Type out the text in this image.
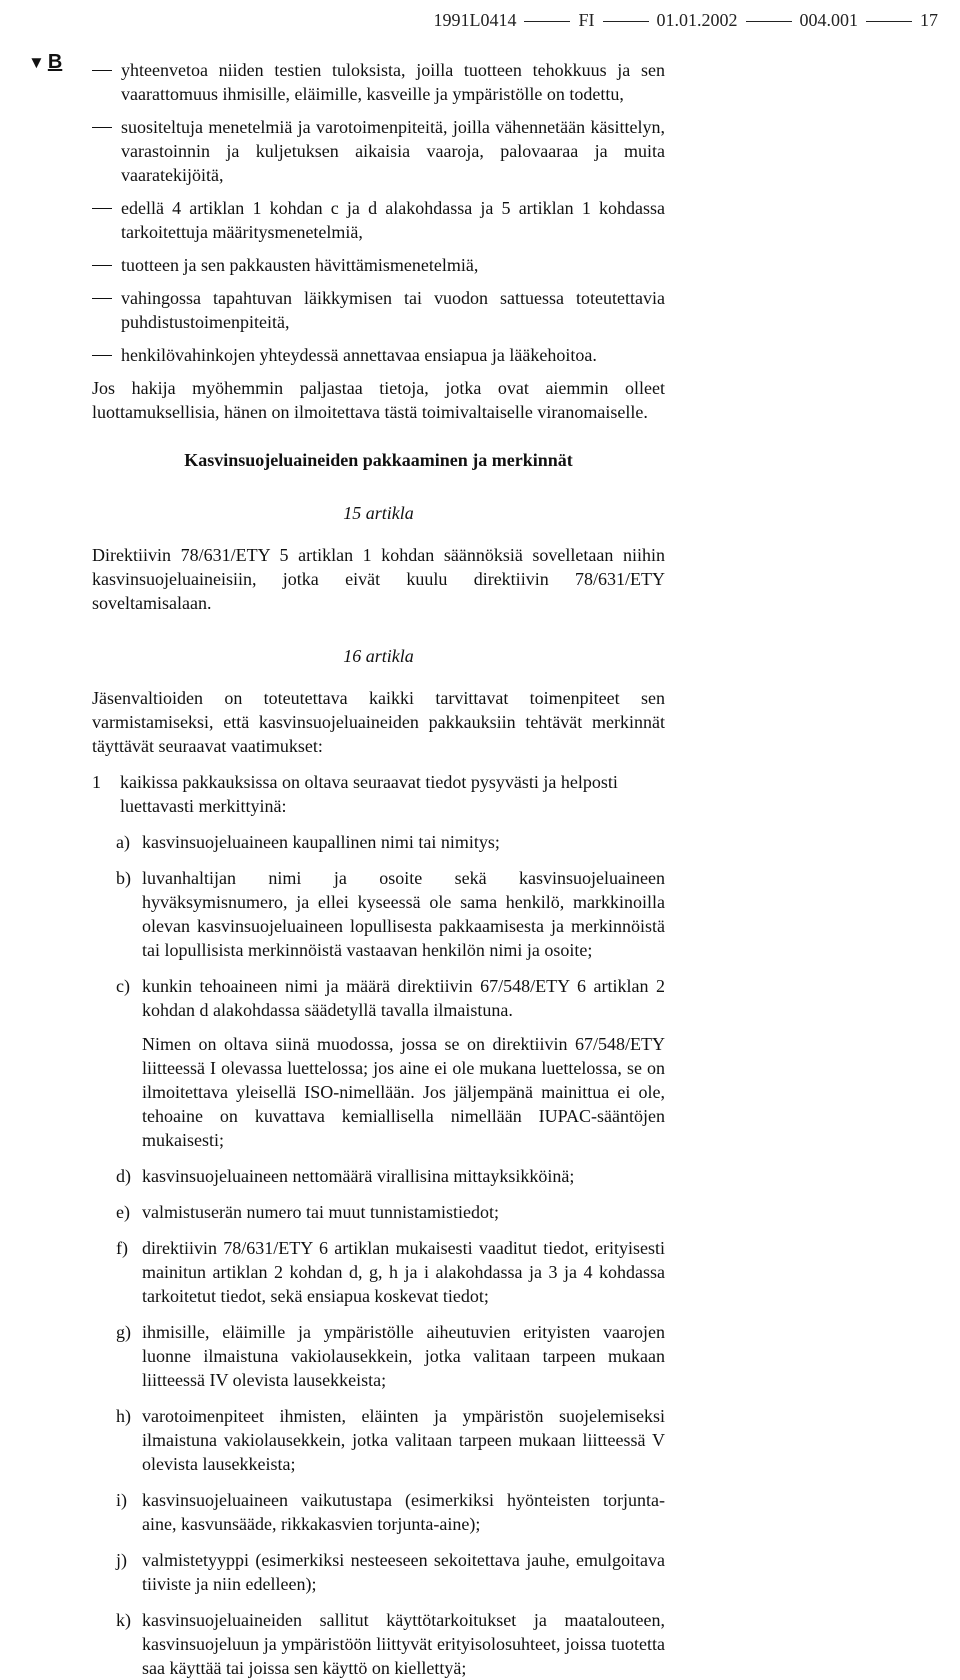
1991L0414	FI	01.01.2002	004.001	17
▼ B	yhteenvetoa niiden testien tuloksista, joilla tuotteen tehokkuus ja sen vaarattomuus ihmisille, eläimille, kasveille ja ympäristölle on todettu,

suositeltuja menetelmiä ja varotoimenpiteitä, joilla vähennetään käsittelyn, varastoinnin ja kuljetuksen aikaisia vaaroja, palovaaraa ja muita vaaratekijöitä,

edellä 4 artiklan 1 kohdan c ja d alakohdassa ja 5 artiklan 1 kohdassa tarkoitettuja määritysmenetelmiä,

tuotteen ja sen pakkausten hävittämismenetelmiä,

vahingossa tapahtuvan läikkymisen tai vuodon sattuessa toteutettavia puhdistustoimenpiteitä,

henkilövahinkojen yhteydessä annettavaa ensiapua ja lääkehoitoa.

Jos hakija myöhemmin paljastaa tietoja, jotka ovat aiemmin olleet luottamuksellisia, hänen on ilmoitettava tästä toimivaltaiselle viranomaiselle.

Kasvinsuojeluaineiden pakkaaminen ja merkinnät

15 artikla

Direktiivin 78/631/ETY 5 artiklan 1 kohdan säännöksiä sovelletaan niihin kasvinsuojeluaineisiin, jotka eivät kuulu direktiivin 78/631/ETY soveltamisalaan.

16 artikla

Jäsenvaltioiden on toteutettava kaikki tarvittavat toimenpiteet sen varmistamiseksi, että kasvinsuojeluaineiden pakkauksiin tehtävät merkinnät täyttävät seuraavat vaatimukset:

1 kaikissa pakkauksissa on oltava seuraavat tiedot pysyvästi ja helposti luettavasti merkittyinä:
a) kasvinsuojeluaineen kaupallinen nimi tai nimitys;
b) luvanhaltijan nimi ja osoite sekä kasvinsuojeluaineen hyväksymisnumero, ja ellei kyseessä ole sama henkilö, markkinoilla olevan kasvinsuojeluaineen lopullisesta pakkaamisesta ja merkinnöistä tai lopullisista merkinnöistä vastaavan henkilön nimi ja osoite;
c) kunkin tehoaineen nimi ja määrä direktiivin 67/548/ETY 6 artiklan 2 kohdan d alakohdassa säädetyllä tavalla ilmaistuna.

Nimen on oltava siinä muodossa, jossa se on direktiivin 67/548/ETY liitteessä I olevassa luettelossa; jos aine ei ole mukana luettelossa, se on ilmoitettava yleisellä ISO-nimellään. Jos jäljempänä mainittua ei ole, tehoaine on kuvattava kemiallisella nimellään IUPAC-sääntöjen mukaisesti;

d) kasvinsuojeluaineen nettomäärä virallisina mittayksikköinä;
e) valmistuserän numero tai muut tunnistamistiedot;
f) direktiivin 78/631/ETY 6 artiklan mukaisesti vaaditut tiedot, erityisesti mainitun artiklan 2 kohdan d, g, h ja i alakohdassa ja 3 ja 4 kohdassa tarkoitetut tiedot, sekä ensiapua koskevat tiedot;
g) ihmisille, eläimille ja ympäristölle aiheutuvien erityisten vaarojen luonne ilmaistuna vakiolausekkein, jotka valitaan tarpeen mukaan liitteessä IV olevista lausekkeista;
h) varotoimenpiteet ihmisten, eläinten ja ympäristön suojelemiseksi ilmaistuna vakiolausekkein, jotka valitaan tarpeen mukaan liitteessä V olevista lausekkeista;
i) kasvinsuojeluaineen vaikutustapa (esimerkiksi hyönteisten torjunta-aine, kasvunsääde, rikkakasvien torjunta-aine);
j) valmistetyyppi (esimerkiksi nesteeseen sekoitettava jauhe, emulgoitava tiiviste ja niin edelleen);
k) kasvinsuojeluaineiden sallitut käyttötarkoitukset ja maatalouteen, kasvinsuojeluun ja ympäristöön liittyvät erityisolosuhteet, joissa tuotetta saa käyttää tai joissa sen käyttö on kiellettyä;
